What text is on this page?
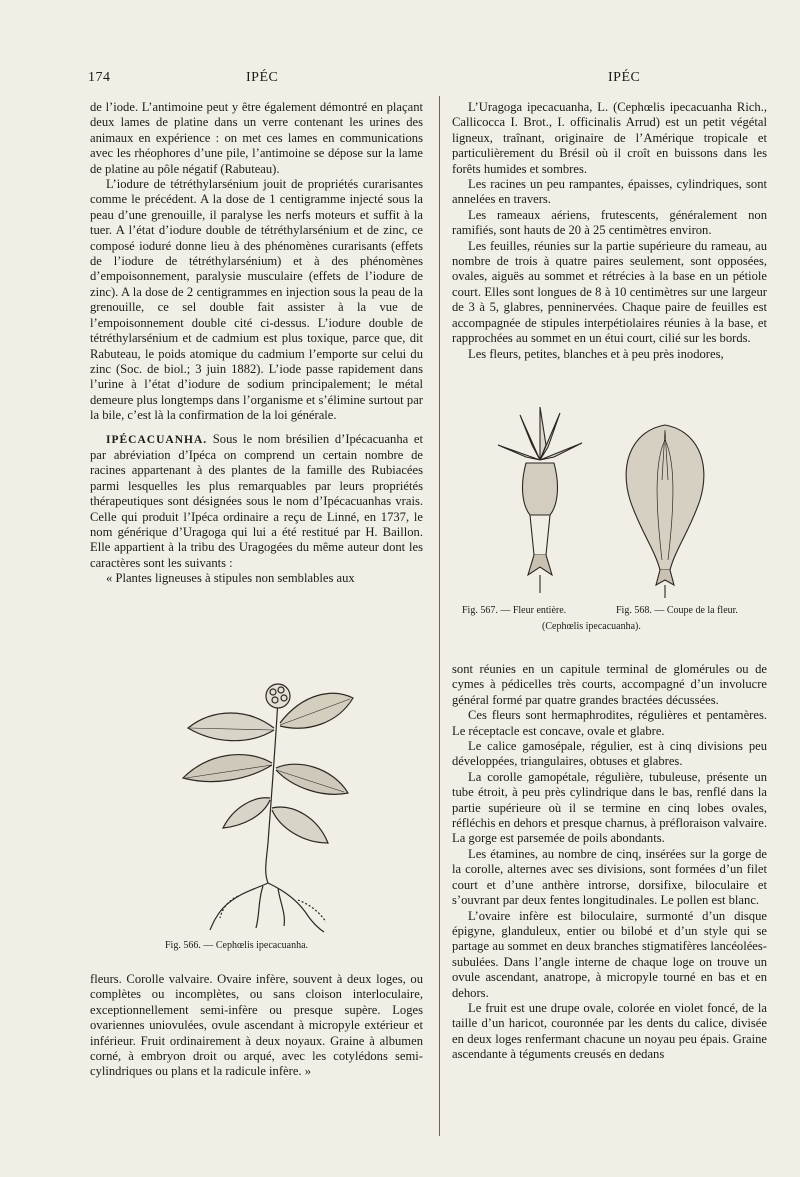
174	IPÉC	IPÉC

de l’iode. L’antimoine peut y être également démontré en plaçant deux lames de platine dans un verre contenant les urines des animaux en expérience : on met ces lames en communications avec les rhéophores d’une pile, l’antimoine se dépose sur la lame de platine au pôle négatif (Rabuteau).

L’iodure de tétréthylarsénium jouit de propriétés curarisantes comme le précédent. A la dose de 1 centigramme injecté sous la peau d’une grenouille, il paralyse les nerfs moteurs et suffit à la tuer. A l’état d’iodure double de tétréthylarsénium et de zinc, ce composé ioduré donne lieu à des phénomènes curarisants (effets de l’iodure de tétréthylarsénium) et à des phénomènes d’empoisonnement, paralysie musculaire (effets de l’iodure de zinc). A la dose de 2 centigrammes en injection sous la peau de la grenouille, ce sel double fait assister à la vue de l’empoisonnement double cité ci-dessus. L’iodure double de tétréthylarsénium et de cadmium est plus toxique, parce que, dit Rabuteau, le poids atomique du cadmium l’emporte sur celui du zinc (Soc. de biol.; 3 juin 1882). L’iode passe rapidement dans l’urine à l’état d’iodure de sodium principalement; le métal demeure plus longtemps dans l’organisme et s’élimine surtout par la bile, c’est là la confirmation de la loi générale.

IPÉCACUANHA. Sous le nom brésilien d’Ipécacuanha et par abréviation d’Ipéca on comprend un certain nombre de racines appartenant à des plantes de la famille des Rubiacées parmi lesquelles les plus remarquables par leurs propriétés thérapeutiques sont désignées sous le nom d’Ipécacuanhas vrais. Celle qui produit l’Ipéca ordinaire a reçu de Linné, en 1737, le nom générique d’Uragoga qui lui a été restitué par H. Baillon. Elle appartient à la tribu des Uragogées du même auteur dont les caractères sont les suivants :

« Plantes ligneuses à stipules non semblables aux

Fig. 566. — Cephœlis ipecacuanha.

fleurs. Corolle valvaire. Ovaire infère, souvent à deux loges, ou complètes ou incomplètes, ou sans cloison interloculaire, exceptionnellement semi-infère ou presque supère. Loges ovariennes uniovulées, ovule ascendant à micropyle extérieur et inférieur. Fruit ordinairement à deux noyaux. Graine à albumen corné, à embryon droit ou arqué, avec les cotylédons semi-cylindriques ou plans et la radicule infère. »

L’Uragoga ipecacuanha, L. (Cephœlis ipecacuanha Rich., Callicocca I. Brot., I. officinalis Arrud) est un petit végétal ligneux, traînant, originaire de l’Amérique tropicale et particulièrement du Brésil où il croît en buissons dans les forêts humides et sombres.

Les racines un peu rampantes, épaisses, cylindriques, sont annelées en travers.

Les rameaux aériens, frutescents, généralement non ramifiés, sont hauts de 20 à 25 centimètres environ.

Les feuilles, réunies sur la partie supérieure du rameau, au nombre de trois à quatre paires seulement, sont opposées, ovales, aiguës au sommet et rétrécies à la base en un pétiole court. Elles sont longues de 8 à 10 centimètres sur une largeur de 3 à 5, glabres, penninervées. Chaque paire de feuilles est accompagnée de stipules interpétiolaires réunies à la base, et rapprochées au sommet en un étui court, cilié sur les bords.

Les fleurs, petites, blanches et à peu près inodores,

Fig. 567. — Fleur entière.	Fig. 568. — Coupe de la fleur.
(Cephœlis ipecacuanha).

sont réunies en un capitule terminal de glomérules ou de cymes à pédicelles très courts, accompagné d’un involucre général formé par quatre grandes bractées décussées.

Ces fleurs sont hermaphrodites, régulières et pentamères. Le réceptacle est concave, ovale et glabre.

Le calice gamosépale, régulier, est à cinq divisions peu développées, triangulaires, obtuses et glabres.

La corolle gamopétale, régulière, tubuleuse, présente un tube étroit, à peu près cylindrique dans le bas, renflé dans la partie supérieure où il se termine en cinq lobes ovales, réfléchis en dehors et presque charnus, à préfloraison valvaire. La gorge est parsemée de poils abondants.

Les étamines, au nombre de cinq, insérées sur la gorge de la corolle, alternes avec ses divisions, sont formées d’un filet court et d’une anthère introrse, dorsifixe, biloculaire et s’ouvrant par deux fentes longitudinales. Le pollen est blanc.

L’ovaire infère est biloculaire, surmonté d’un disque épigyne, glanduleux, entier ou bilobé et d’un style qui se partage au sommet en deux branches stigmatifères lancéolées-subulées. Dans l’angle interne de chaque loge on trouve un ovule ascendant, anatrope, à micropyle tourné en bas et en dehors.

Le fruit est une drupe ovale, colorée en violet foncé, de la taille d’un haricot, couronnée par les dents du calice, divisée en deux loges renfermant chacune un noyau peu épais. Graine ascendante à téguments creusés en dedans
